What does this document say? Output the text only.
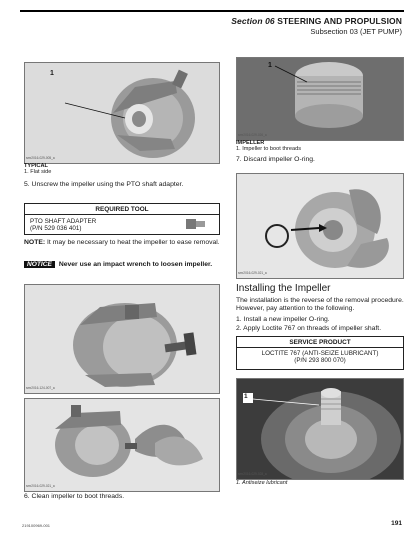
Section 06 STEERING AND PROPULSION
Subsection 03 (JET PUMP)
1
smr2016-029-005_a
TYPICAL
1. Flat side
5. Unscrew the impeller using the PTO shaft adapter.
REQUIRED TOOL
PTO SHAFT ADAPTER
(P/N 529 036 401)
NOTE: It may be necessary to heat the impeller to ease removal.
NOTICE Never use an impact wrench to loosen impeller.
smr2016-124-007_a
smr2016-029-021_a
6. Clean impeller to boot threads.
1
smr2016-029-026_a
IMPELLER
1. Impeller to boot threads
7. Discard impeller O-ring.
smr2016-029-021_a
Installing the Impeller
The installation is the reverse of the removal procedure. However, pay attention to the following.
1. Install a new impeller O-ring.
2. Apply Loctite 767 on threads of impeller shaft.
SERVICE PRODUCT
LOCTITE 767 (ANTI-SEIZE LUBRICANT)
(P/N 293 800 070)
1
smr2016-029-028_a
1. Antiseize lubricant
219100969-001	191
